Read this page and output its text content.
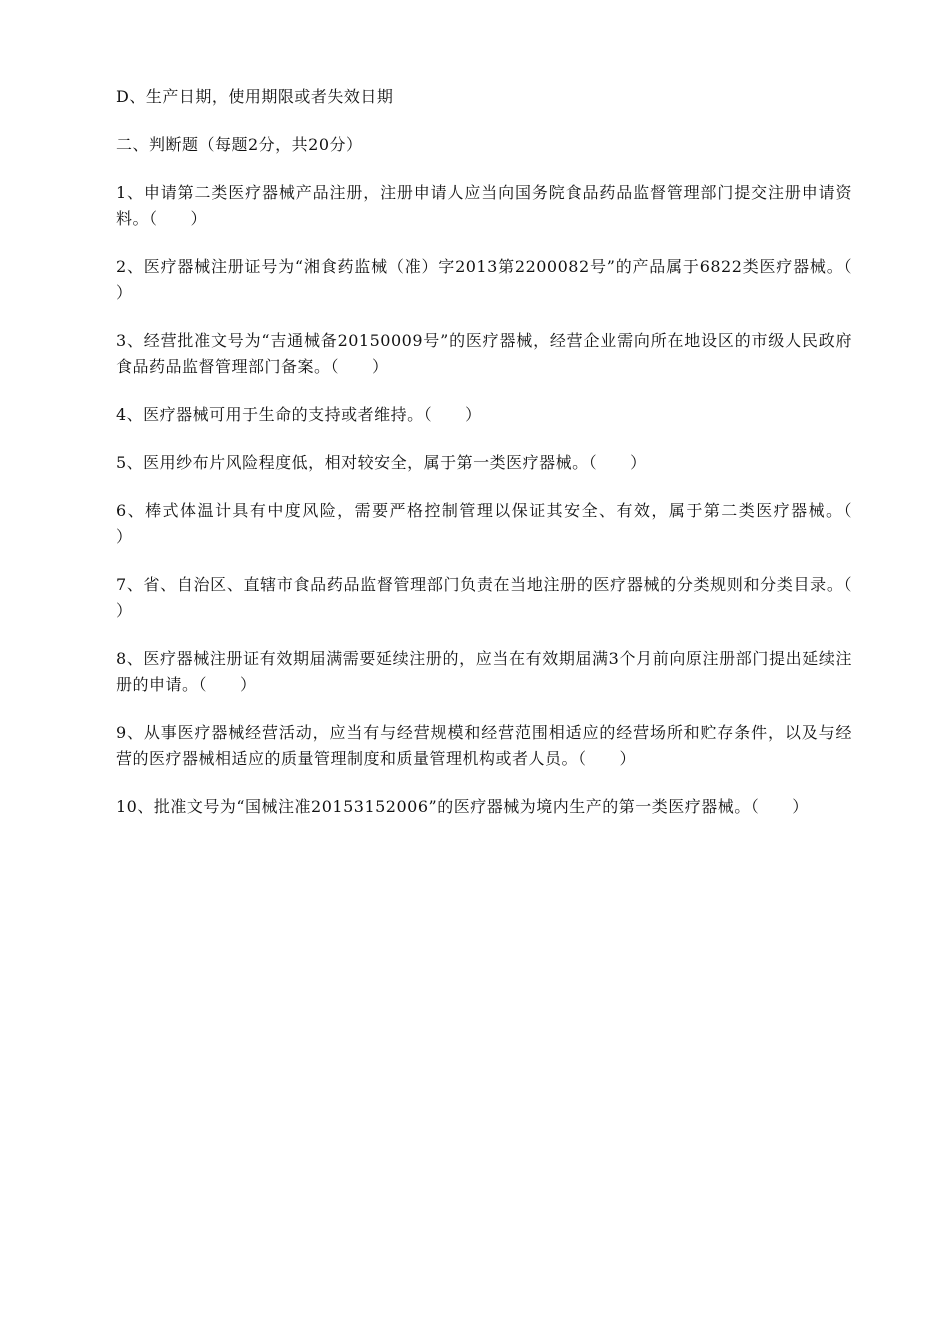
D、生产日期，使用期限或者失效日期

二、判断题（每题2分，共20分）

1、申请第二类医疗器械产品注册，注册申请人应当向国务院食品药品监督管理部门提交注册申请资料。（　　）

2、医疗器械注册证号为“湘食药监械（准）字2013第2200082号”的产品属于6822类医疗器械。（　　）

3、经营批准文号为“吉通械备20150009号”的医疗器械，经营企业需向所在地设区的市级人民政府食品药品监督管理部门备案。（　　）

4、医疗器械可用于生命的支持或者维持。（　　）

5、医用纱布片风险程度低，相对较安全，属于第一类医疗器械。（　　）

6、棒式体温计具有中度风险，需要严格控制管理以保证其安全、有效，属于第二类医疗器械。（　　）

7、省、自治区、直辖市食品药品监督管理部门负责在当地注册的医疗器械的分类规则和分类目录。（　　）

8、医疗器械注册证有效期届满需要延续注册的，应当在有效期届满3个月前向原注册部门提出延续注册的申请。（　　）

9、从事医疗器械经营活动，应当有与经营规模和经营范围相适应的经营场所和贮存条件，以及与经营的医疗器械相适应的质量管理制度和质量管理机构或者人员。（　　）

10、批准文号为“国械注准20153152006”的医疗器械为境内生产的第一类医疗器械。（　　）
